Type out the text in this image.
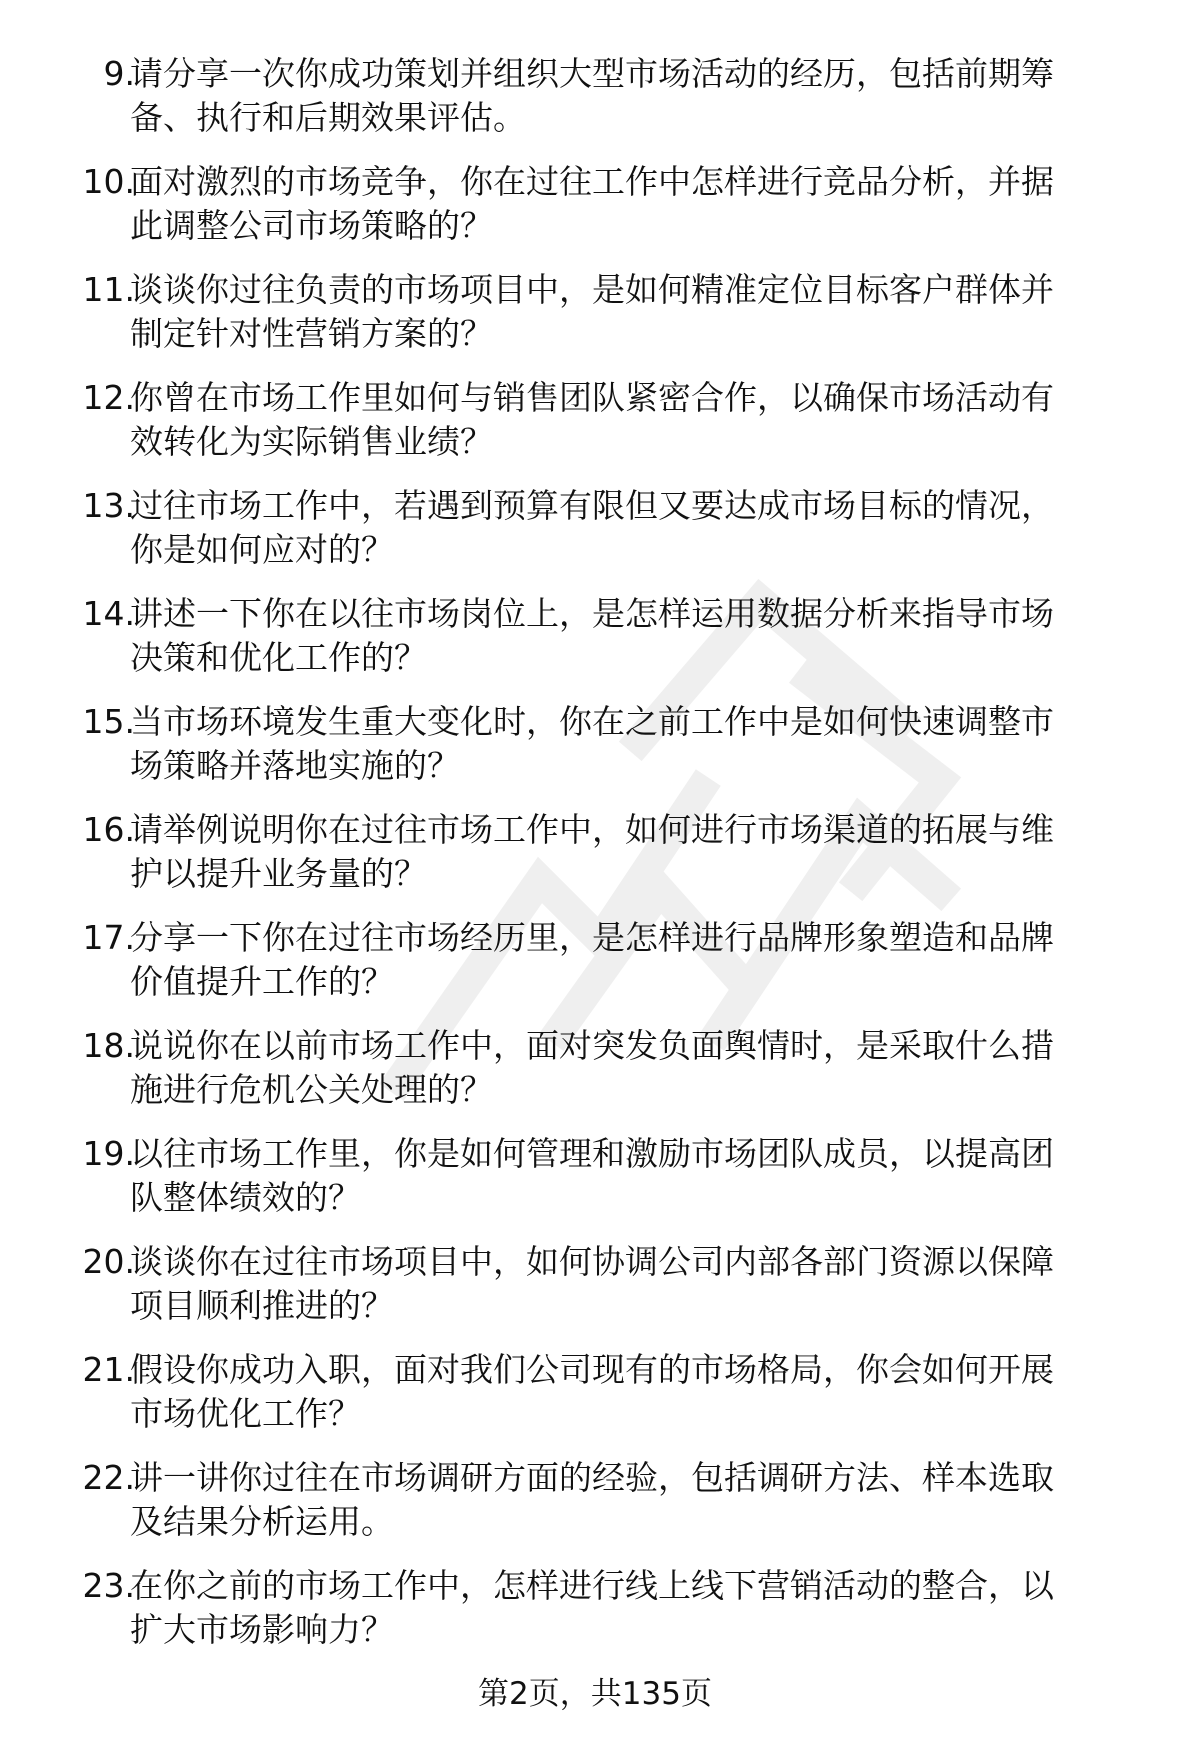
9.
请分享一次你成功策划并组织大型市场活动的经历，包括前期筹
备、执行和后期效果评估。
10.
面对激烈的市场竞争，你在过往工作中怎样进行竞品分析，并据
此调整公司市场策略的？
11.
谈谈你过往负责的市场项目中，是如何精准定位目标客户群体并
制定针对性营销方案的？
12.
你曾在市场工作里如何与销售团队紧密合作，以确保市场活动有
效转化为实际销售业绩？
13.
过往市场工作中，若遇到预算有限但又要达成市场目标的情况，
你是如何应对的？
14.
讲述一下你在以往市场岗位上，是怎样运用数据分析来指导市场
决策和优化工作的？
15.
当市场环境发生重大变化时，你在之前工作中是如何快速调整市
场策略并落地实施的？
16.
请举例说明你在过往市场工作中，如何进行市场渠道的拓展与维
护以提升业务量的？
17.
分享一下你在过往市场经历里，是怎样进行品牌形象塑造和品牌
价值提升工作的？
18.
说说你在以前市场工作中，面对突发负面舆情时，是采取什么措
施进行危机公关处理的？
19.
以往市场工作里，你是如何管理和激励市场团队成员，以提高团
队整体绩效的？
20.
谈谈你在过往市场项目中，如何协调公司内部各部门资源以保障
项目顺利推进的？
21.
假设你成功入职，面对我们公司现有的市场格局，你会如何开展
市场优化工作？
22.
讲一讲你过往在市场调研方面的经验，包括调研方法、样本选取
及结果分析运用。
23.
在你之前的市场工作中，怎样进行线上线下营销活动的整合，以
扩大市场影响力？
第2页，共135页
